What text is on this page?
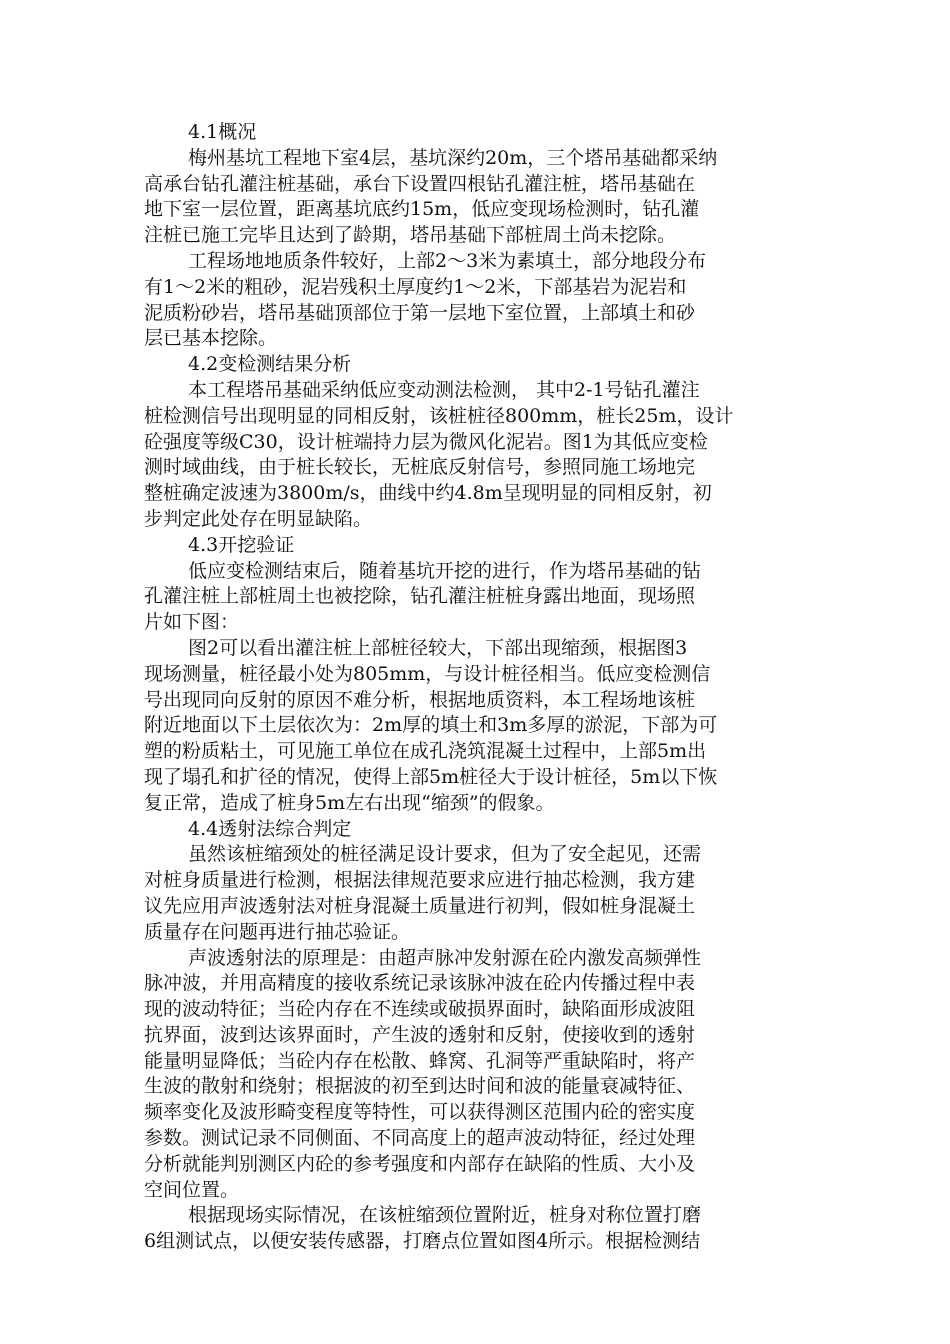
4.1概况

梅州基坑工程地下室4层，基坑深约20m，三个塔吊基础都采纳
高承台钻孔灌注桩基础，承台下设置四根钻孔灌注桩，塔吊基础在
地下室一层位置，距离基坑底约15m，低应变现场检测时，钻孔灌
注桩已施工完毕且达到了龄期，塔吊基础下部桩周土尚未挖除。

工程场地地质条件较好，上部2～3米为素填土，部分地段分布
有1～2米的粗砂，泥岩残积土厚度约1～2米，下部基岩为泥岩和
泥质粉砂岩，塔吊基础顶部位于第一层地下室位置，上部填土和砂
层已基本挖除。

4.2变检测结果分析

本工程塔吊基础采纳低应变动测法检测， 其中2-1号钻孔灌注
桩检测信号出现明显的同相反射，该桩桩径800mm，桩长25m，设计
砼强度等级C30，设计桩端持力层为微风化泥岩。图1为其低应变检
测时域曲线，由于桩长较长，无桩底反射信号，参照同施工场地完
整桩确定波速为3800m/s，曲线中约4.8m呈现明显的同相反射，初
步判定此处存在明显缺陷。

4.3开挖验证

低应变检测结束后，随着基坑开挖的进行，作为塔吊基础的钻
孔灌注桩上部桩周土也被挖除，钻孔灌注桩桩身露出地面，现场照
片如下图：

图2可以看出灌注桩上部桩径较大，下部出现缩颈，根据图3
现场测量，桩径最小处为805mm，与设计桩径相当。低应变检测信
号出现同向反射的原因不难分析，根据地质资料，本工程场地该桩
附近地面以下土层依次为：2m厚的填土和3m多厚的淤泥，下部为可
塑的粉质粘土，可见施工单位在成孔浇筑混凝土过程中，上部5m出
现了塌孔和扩径的情况，使得上部5m桩径大于设计桩径，5m以下恢
复正常，造成了桩身5m左右出现“缩颈”的假象。

4.4透射法综合判定

虽然该桩缩颈处的桩径满足设计要求，但为了安全起见，还需
对桩身质量进行检测，根据法律规范要求应进行抽芯检测，我方建
议先应用声波透射法对桩身混凝土质量进行初判，假如桩身混凝土
质量存在问题再进行抽芯验证。

声波透射法的原理是：由超声脉冲发射源在砼内激发高频弹性
脉冲波，并用高精度的接收系统记录该脉冲波在砼内传播过程中表
现的波动特征；当砼内存在不连续或破损界面时，缺陷面形成波阻
抗界面，波到达该界面时，产生波的透射和反射，使接收到的透射
能量明显降低；当砼内存在松散、蜂窝、孔洞等严重缺陷时，将产
生波的散射和绕射；根据波的初至到达时间和波的能量衰减特征、
频率变化及波形畸变程度等特性，可以获得测区范围内砼的密实度
参数。测试记录不同侧面、不同高度上的超声波动特征，经过处理
分析就能判别测区内砼的参考强度和内部存在缺陷的性质、大小及
空间位置。

根据现场实际情况，在该桩缩颈位置附近，桩身对称位置打磨
6组测试点，以便安装传感器，打磨点位置如图4所示。根据检测结
